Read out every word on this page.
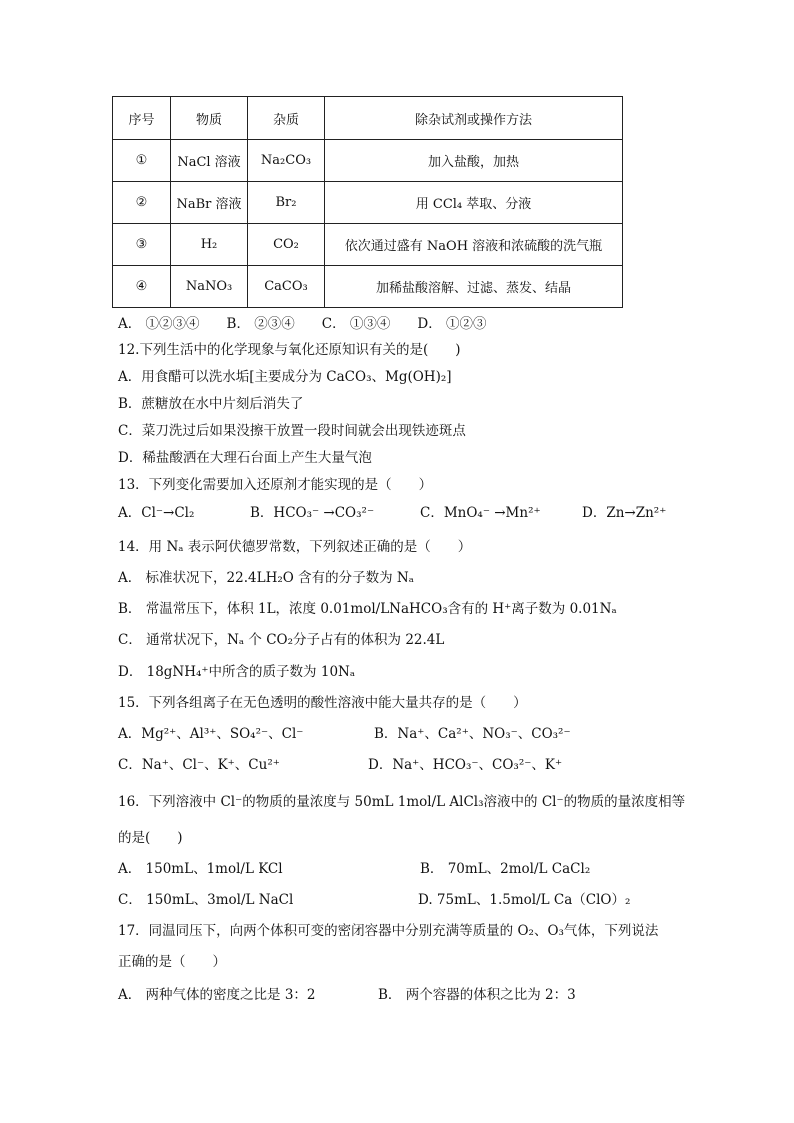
序号	物质	杂质	除杂试剂或操作方法
①	NaCl 溶液	Na₂CO₃	加入盐酸，加热
②	NaBr 溶液	Br₂	用 CCl₄ 萃取、分液
③	H₂	CO₂	依次通过盛有 NaOH 溶液和浓硫酸的洗气瓶
④	NaNO₃	CaCO₃	加稀盐酸溶解、过滤、蒸发、结晶
A． ①②③④　　B． ②③④　　C． ①③④　　D． ①②③
12.下列生活中的化学现象与氧化还原知识有关的是(　　)
A．用食醋可以洗水垢[主要成分为 CaCO₃、Mg(OH)₂]
B．蔗糖放在水中片刻后消失了
C．菜刀洗过后如果没擦干放置一段时间就会出现铁迹斑点
D．稀盐酸洒在大理石台面上产生大量气泡
13．下列变化需要加入还原剂才能实现的是（　　）
A．Cl⁻→Cl₂	B．HCO₃⁻ →CO₃²⁻	C．MnO₄⁻ →Mn²⁺	D．Zn→Zn²⁺
14．用 Nₐ 表示阿伏德罗常数，下列叙述正确的是（　　）
A． 标准状况下，22.4LH₂O 含有的分子数为 Nₐ
B． 常温常压下，体积 1L，浓度 0.01mol/LNaHCO₃含有的 H⁺离子数为 0.01Nₐ
C． 通常状况下，Nₐ 个 CO₂分子占有的体积为 22.4L
D． 18gNH₄⁺中所含的质子数为 10Nₐ
15．下列各组离子在无色透明的酸性溶液中能大量共存的是（　　）
A．Mg²⁺、Al³⁺、SO₄²⁻、Cl⁻	B．Na⁺、Ca²⁺、NO₃⁻、CO₃²⁻
C．Na⁺、Cl⁻、K⁺、Cu²⁺	D．Na⁺、HCO₃⁻、CO₃²⁻、K⁺
16．下列溶液中 Cl⁻的物质的量浓度与 50mL 1mol/L AlCl₃溶液中的 Cl⁻的物质的量浓度相等
的是(　　)
A． 150mL、1mol/L KCl	B． 70mL、2mol/L CaCl₂
C． 150mL、3mol/L NaCl	D. 75mL、1.5mol/L Ca（ClO）₂
17．同温同压下，向两个体积可变的密闭容器中分别充满等质量的 O₂、O₃气体，下列说法
正确的是（　　）
A． 两种气体的密度之比是 3：2	B． 两个容器的体积之比为 2：3
